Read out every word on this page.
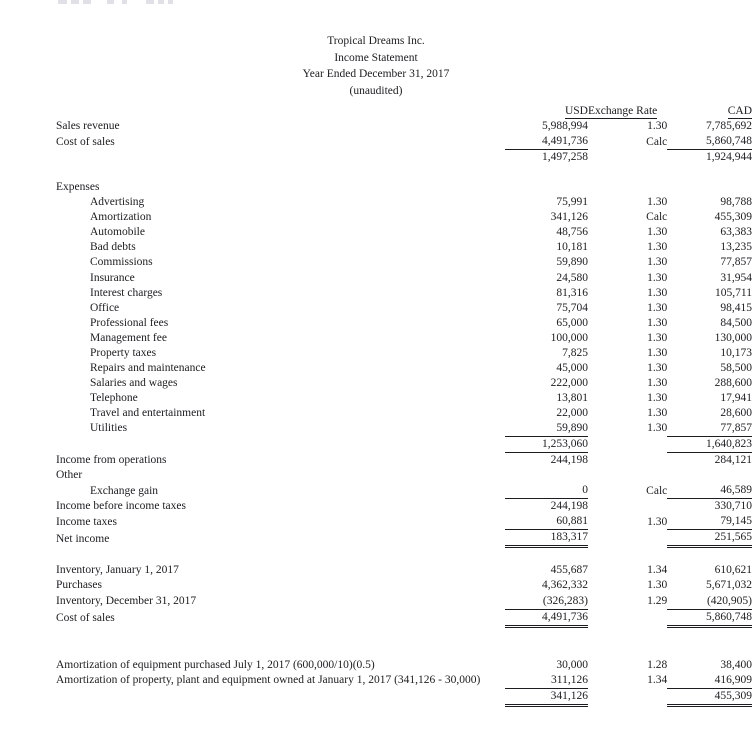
Tropical Dreams Inc.
Income Statement
Year Ended December 31, 2017
(unaudited)
	USD	Exchange Rate	CAD
Sales revenue	5,988,994	1.30	7,785,692
Cost of sales	4,491,736	Calc	5,860,748
	1,497,258		1,924,944

Expenses			
Advertising	75,991	1.30	98,788
Amortization	341,126	Calc	455,309
Automobile	48,756	1.30	63,383
Bad debts	10,181	1.30	13,235
Commissions	59,890	1.30	77,857
Insurance	24,580	1.30	31,954
Interest charges	81,316	1.30	105,711
Office	75,704	1.30	98,415
Professional fees	65,000	1.30	84,500
Management fee	100,000	1.30	130,000
Property taxes	7,825	1.30	10,173
Repairs and maintenance	45,000	1.30	58,500
Salaries and wages	222,000	1.30	288,600
Telephone	13,801	1.30	17,941
Travel and entertainment	22,000	1.30	28,600
Utilities	59,890	1.30	77,857
	1,253,060		1,640,823
Income from operations	244,198		284,121
Other			
Exchange gain	0	Calc	46,589
Income before income taxes	244,198		330,710
Income taxes	60,881	1.30	79,145
Net income	183,317		251,565

Inventory, January 1, 2017	455,687	1.34	610,621
Purchases	4,362,332	1.30	5,671,032
Inventory, December 31, 2017	(326,283)	1.29	(420,905)
Cost of sales	4,491,736		5,860,748

Amortization of equipment purchased July 1, 2017 (600,000/10)(0.5)	30,000	1.28	38,400
Amortization of property, plant and equipment owned at January 1, 2017 (341,126 - 30,000)	311,126	1.34	416,909
	341,126		455,309
